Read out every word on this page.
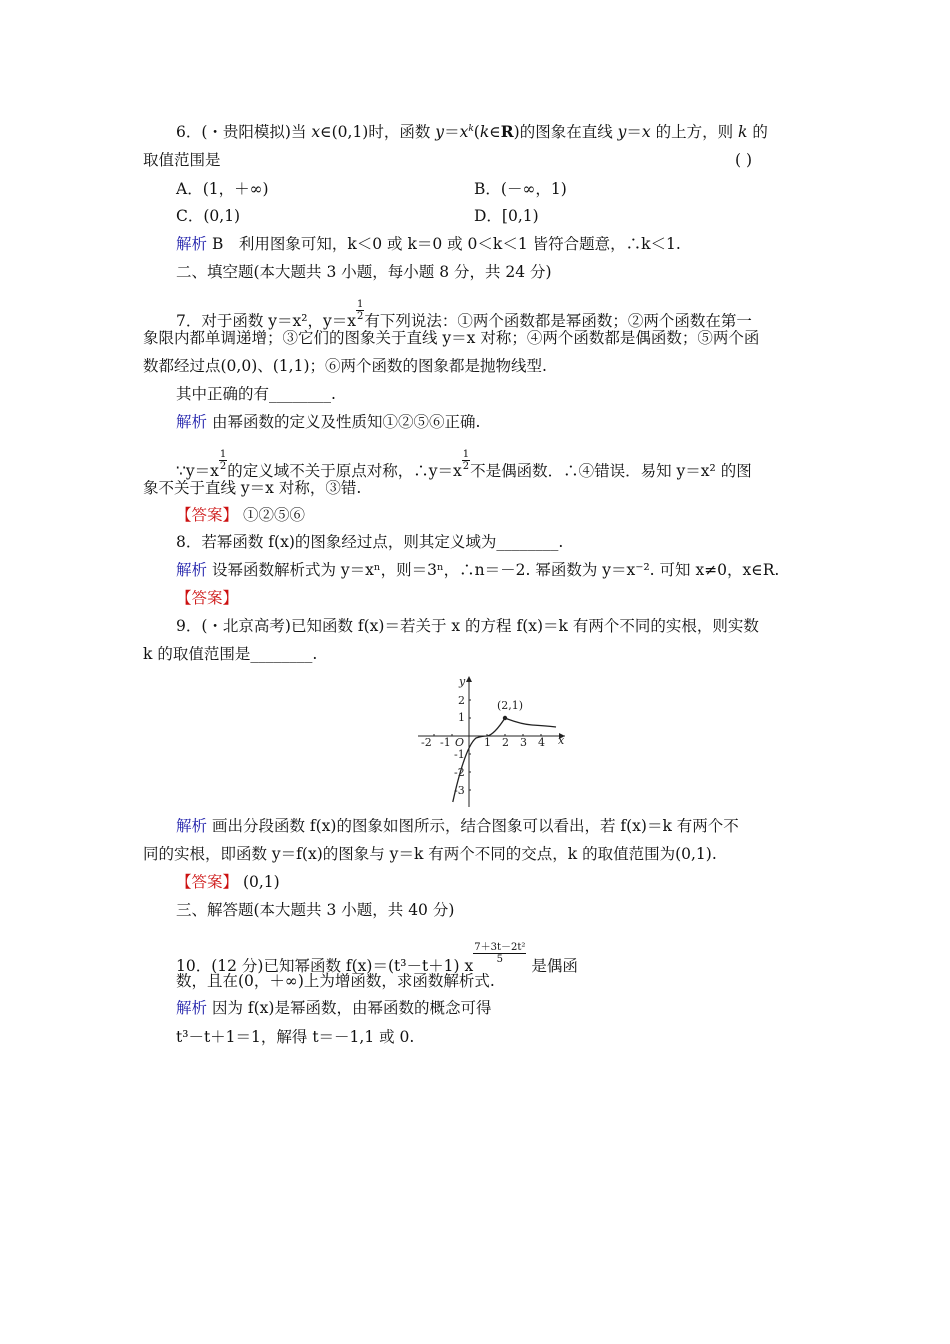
6．(・贵阳模拟)当 x∈(0,1)时，函数 $y=x^k(k\in R)$的图象在直线 y＝x 的上方，则 k 的
取值范围是	( )
A．(1，＋∞)	B．(－∞，1)
C．(0,1)	D．[0,1)
解析 B　利用图象可知，k＜0 或 k＝0 或 0＜k＜1 皆符合题意，∴k＜1.
二、填空题(本大题共 3 小题，每小题 8 分，共 24 分)
7．对于函数 y＝x²，$y=x \frac{1}{2}$ 有下列说法：①两个函数都是幂函数；②两个函数在第一
象限内都单调递增；③它们的图象关于直线 y＝x 对称；④两个函数都是偶函数；⑤两个函
数都经过点(0,0)、(1,1)；⑥两个函数的图象都是抛物线型.
其中正确的有________.
解析 由幂函数的定义及性质知①②⑤⑥正确.
∵y＝x $\frac{1}{2}$ 的定义域不关于原点对称，∴y＝x $\frac{1}{2}$ 不是偶函数．∴④错误．易知 y＝x² 的图
象不关于直线 y＝x 对称，③错.
【答案】 ①②⑤⑥
8．若幂函数 f(x)的图象经过点，则其定义域为________.
解析 设幂函数解析式为 y＝xⁿ，则＝3ⁿ，∴n＝－2. 幂函数为 y＝x⁻². 可知 x≠0，x∈R.
【答案】
9．(・北京高考)已知函数 f(x)＝若关于 x 的方程 f(x)＝k 有两个不同的实根，则实数
k 的取值范围是________.
y
x
(2,1)
O
2
1
-1
-2
-3
-2 -1	1 2 3 4
解析 画出分段函数 f(x)的图象如图所示，结合图象可以看出，若 f(x)＝k 有两个不
同的实根，即函数 y＝f(x)的图象与 y＝k 有两个不同的交点，k 的取值范围为(0,1).
【答案】 (0,1)
三、解答题(本大题共 3 小题，共 40 分)
10．(12 分)已知幂函数 f(x)＝(t³－t＋1) x
$\frac{\text{7＋3t－2t²}}{5}$
是偶函
数，且在(0，＋∞)上为增函数，求函数解析式.
解析 因为 f(x)是幂函数，由幂函数的概念可得
t³－t＋1＝1，解得 t＝－1,1 或 0.
